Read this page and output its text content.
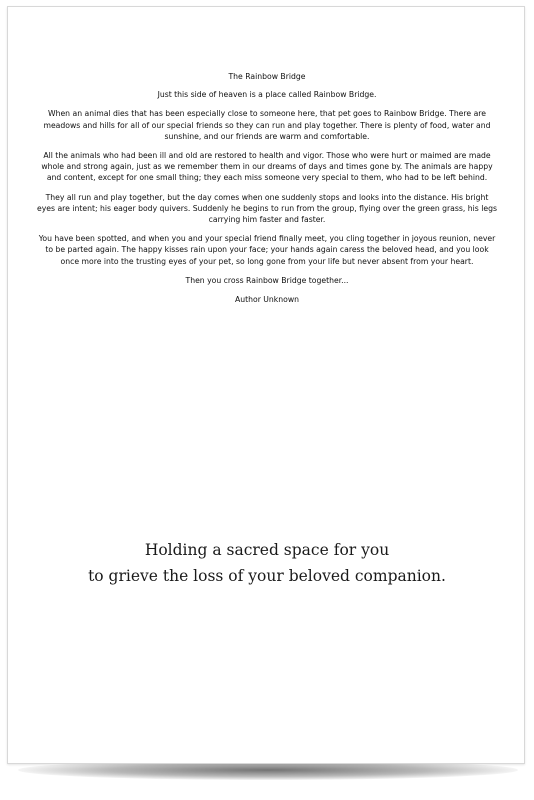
The Rainbow Bridge

Just this side of heaven is a place called Rainbow Bridge.

When an animal dies that has been especially close to someone here, that pet goes to Rainbow Bridge. There are meadows and hills for all of our special friends so they can run and play together. There is plenty of food, water and sunshine, and our friends are warm and comfortable.

All the animals who had been ill and old are restored to health and vigor. Those who were hurt or maimed are made whole and strong again, just as we remember them in our dreams of days and times gone by. The animals are happy and content, except for one small thing; they each miss someone very special to them, who had to be left behind.

They all run and play together, but the day comes when one suddenly stops and looks into the distance. His bright eyes are intent; his eager body quivers. Suddenly he begins to run from the group, flying over the green grass, his legs carrying him faster and faster.

You have been spotted, and when you and your special friend finally meet, you cling together in joyous reunion, never to be parted again. The happy kisses rain upon your face; your hands again caress the beloved head, and you look once more into the trusting eyes of your pet, so long gone from your life but never absent from your heart.

Then you cross Rainbow Bridge together...

Author Unknown

Holding a sacred space for you
to grieve the loss of your beloved companion.
